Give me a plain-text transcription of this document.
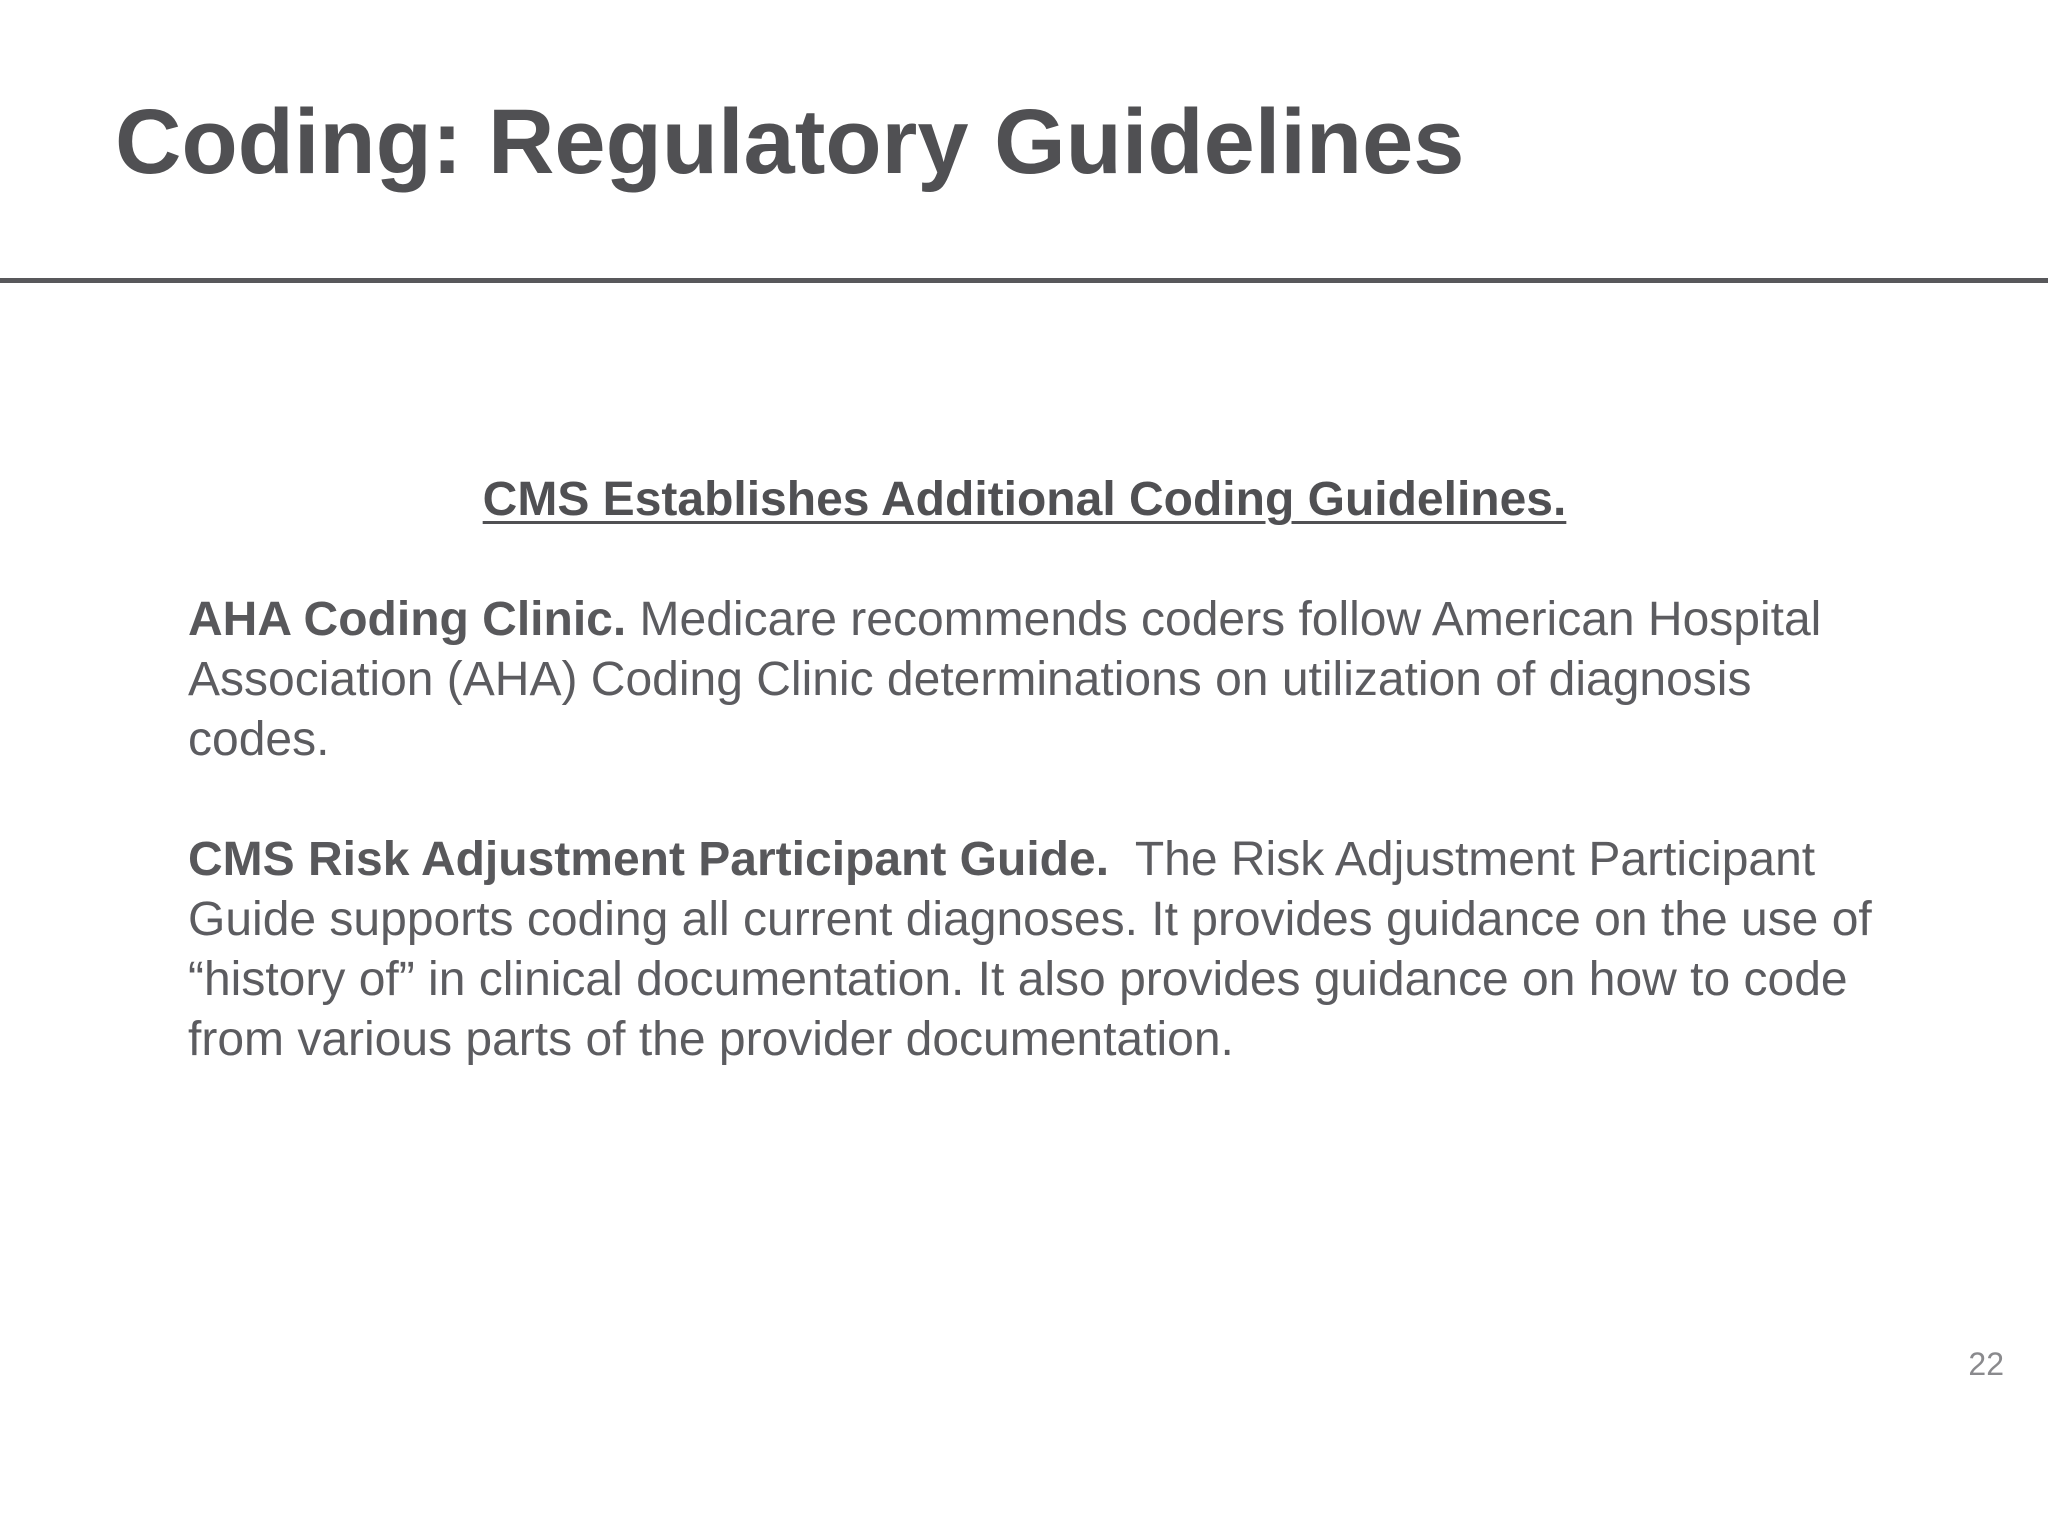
Coding: Regulatory Guidelines

CMS Establishes Additional Coding Guidelines.

AHA Coding Clinic. Medicare recommends coders follow American Hospital Association (AHA) Coding Clinic determinations on utilization of diagnosis codes.

CMS Risk Adjustment Participant Guide.  The Risk Adjustment Participant Guide supports coding all current diagnoses. It provides guidance on the use of “history of” in clinical documentation. It also provides guidance on how to code from various parts of the provider documentation.

22
